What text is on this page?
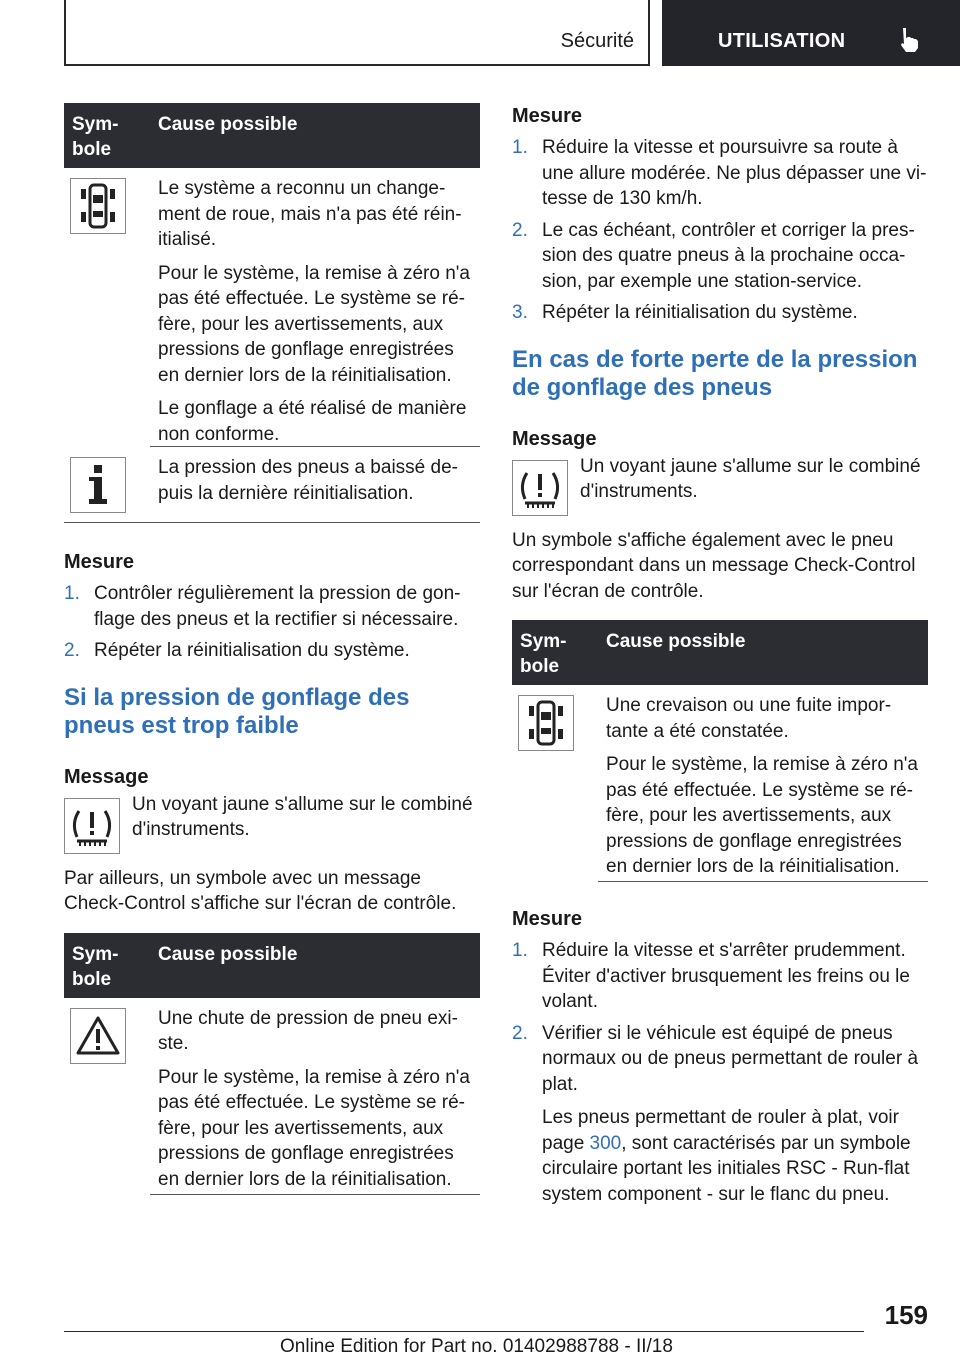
Sécurité	UTILISATION
Sym-
bole
Cause possible

Le système a reconnu un change-ment de roue, mais n'a pas été réin-itialisé.

Pour le système, la remise à zéro n'a pas été effectuée. Le système se ré-fère, pour les avertissements, aux pressions de gonflage enregistrées en dernier lors de la réinitialisation.

Le gonflage a été réalisé de manière non conforme.

La pression des pneus a baissé de-puis la dernière réinitialisation.

Mesure
1. Contrôler régulièrement la pression de gon-flage des pneus et la rectifier si nécessaire.
2. Répéter la réinitialisation du système.
Si la pression de gonflage des pneus est trop faible
Message

Un voyant jaune s'allume sur le combiné d'instruments.

Par ailleurs, un symbole avec un message Check-Control s'affiche sur l'écran de contrôle.

Sym-
bole
Cause possible

Une chute de pression de pneu exi-ste.

Pour le système, la remise à zéro n'a pas été effectuée. Le système se ré-fère, pour les avertissements, aux pressions de gonflage enregistrées en dernier lors de la réinitialisation.

Mesure
1. Réduire la vitesse et poursuivre sa route à une allure modérée. Ne plus dépasser une vi-tesse de 130 km/h.
2. Le cas échéant, contrôler et corriger la pres-sion des quatre pneus à la prochaine occa-sion, par exemple une station-service.
3. Répéter la réinitialisation du système.
En cas de forte perte de la pression de gonflage des pneus
Message

Un voyant jaune s'allume sur le combiné d'instruments.

Un symbole s'affiche également avec le pneu correspondant dans un message Check-Control sur l'écran de contrôle.

Sym-
bole
Cause possible

Une crevaison ou une fuite impor-tante a été constatée.

Pour le système, la remise à zéro n'a pas été effectuée. Le système se ré-fère, pour les avertissements, aux pressions de gonflage enregistrées en dernier lors de la réinitialisation.

Mesure
1. Réduire la vitesse et s'arrêter prudemment. Éviter d'activer brusquement les freins ou le volant.
2. Vérifier si le véhicule est équipé de pneus normaux ou de pneus permettant de rouler à plat.

Les pneus permettant de rouler à plat, voir page 300, sont caractérisés par un symbole circulaire portant les initiales RSC - Run-flat system component - sur le flanc du pneu.

159
Online Edition for Part no. 01402988788 - II/18
